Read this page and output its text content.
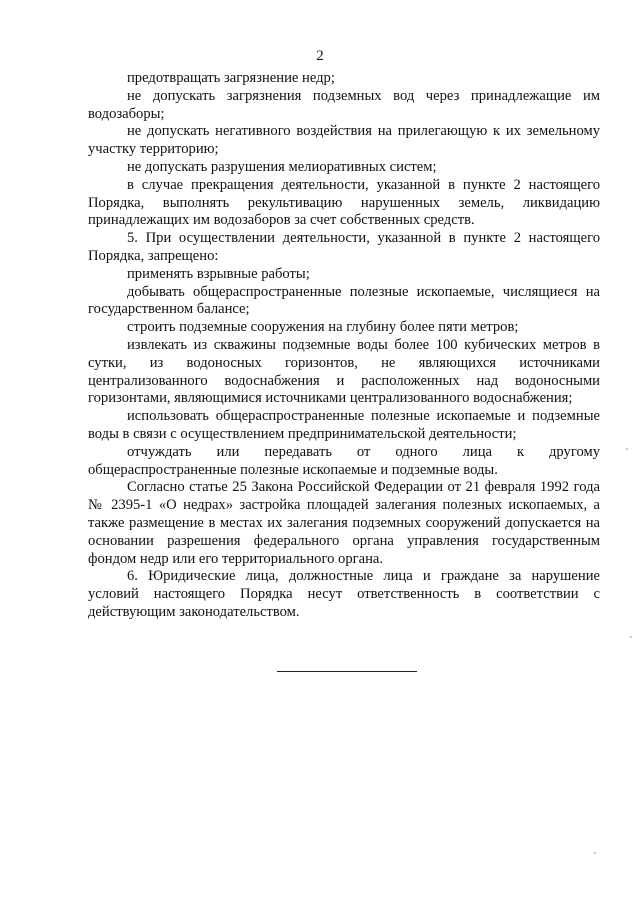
2

предотвращать загрязнение недр;

не допускать загрязнения подземных вод через принадлежащие им водозаборы;

не допускать негативного воздействия на прилегающую к их земельному участку территорию;

не допускать разрушения мелиоративных систем;

в случае прекращения деятельности, указанной в пункте 2 настоящего Порядка, выполнять рекультивацию нарушенных земель, ликвидацию принадлежащих им водозаборов за счет собственных средств.

5. При осуществлении деятельности, указанной в пункте 2 настоящего Порядка, запрещено:

применять взрывные работы;

добывать общераспространенные полезные ископаемые, числящиеся на государственном балансе;

строить подземные сооружения на глубину более пяти метров;

извлекать из скважины подземные воды более 100 кубических метров в сутки, из водоносных горизонтов, не являющихся источниками централизованного водоснабжения и расположенных над водоносными горизонтами, являющимися источниками централизованного водоснабжения;

использовать общераспространенные полезные ископаемые и подземные воды в связи с осуществлением предпринимательской деятельности;

отчуждать или передавать от одного лица к другому общераспространенные полезные ископаемые и подземные воды.

Согласно статье 25 Закона Российской Федерации от 21 февраля 1992 года № 2395-1 «О недрах» застройка площадей залегания полезных ископаемых, а также размещение в местах их залегания подземных сооружений допускается на основании разрешения федерального органа управления государственным фондом недр или его территориального органа.

6. Юридические лица, должностные лица и граждане за нарушение условий настоящего Порядка несут ответственность в соответствии с действующим законодательством.
